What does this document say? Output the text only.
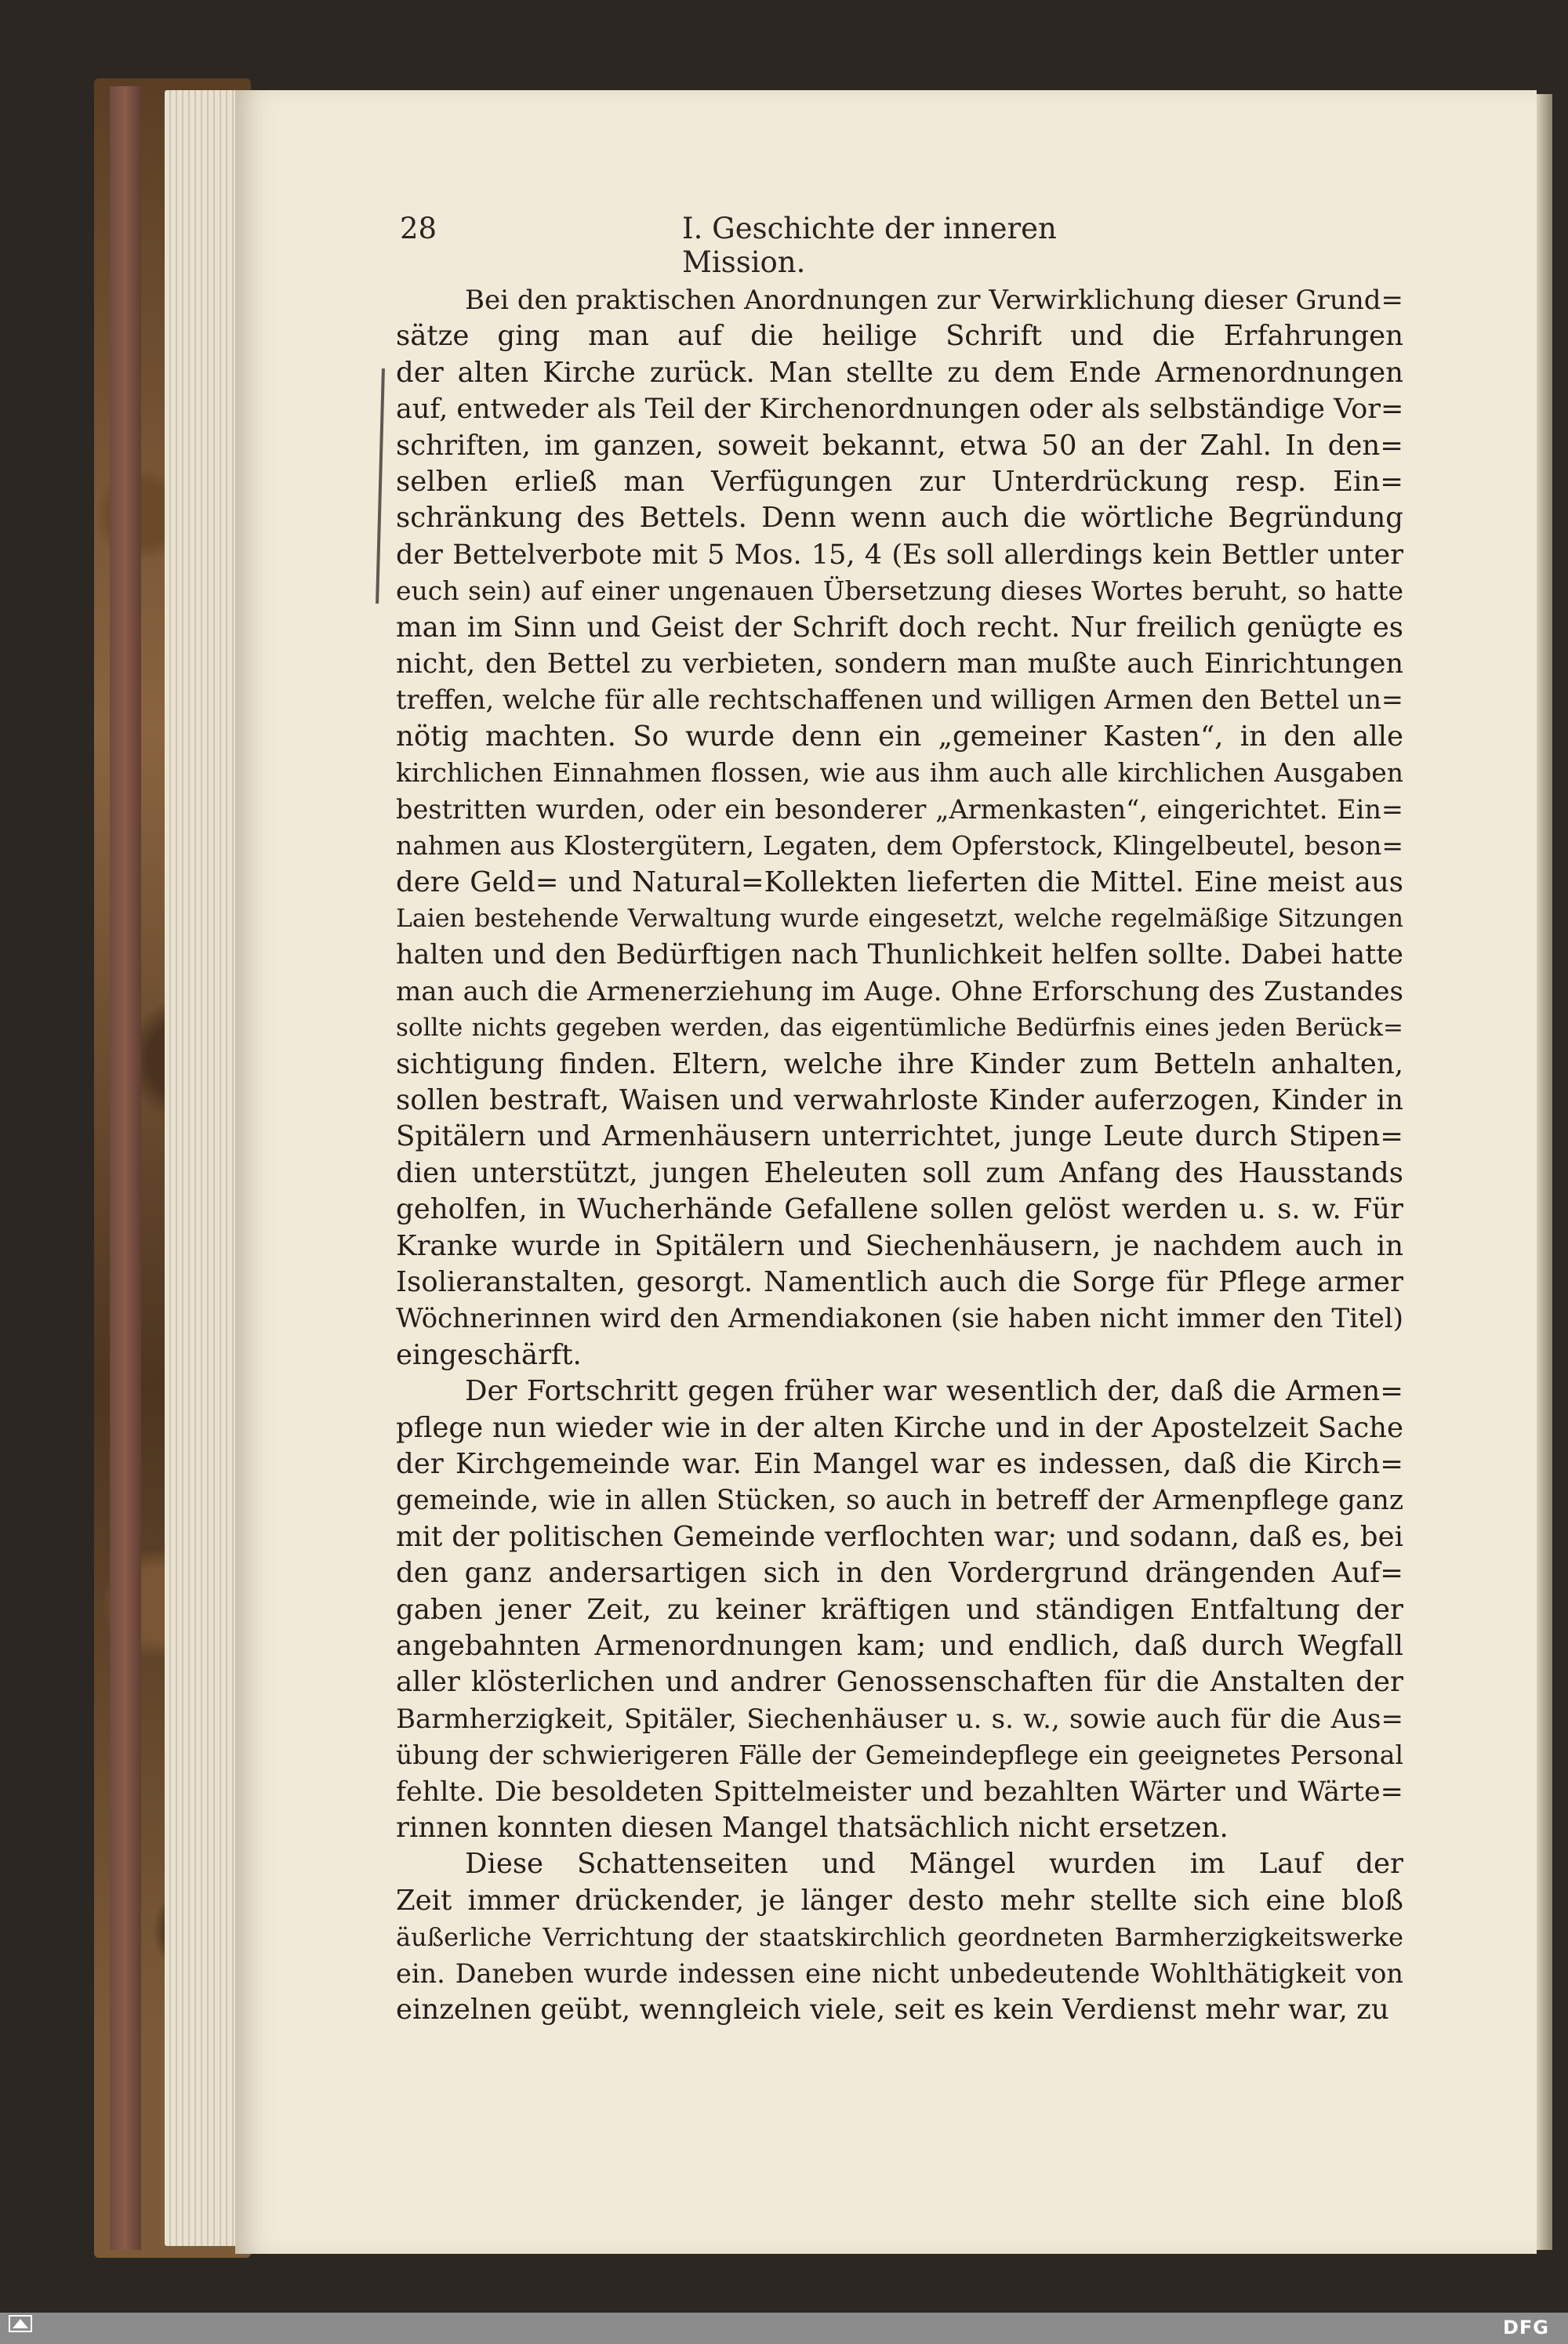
28	I. Geschichte der inneren Mission.
Bei den praktischen Anordnungen zur Verwirklichung dieser Grund=
sätze ging man auf die heilige Schrift und die Erfahrungen
der alten Kirche zurück. Man stellte zu dem Ende Armenordnungen
auf, entweder als Teil der Kirchenordnungen oder als selbständige Vor=
schriften, im ganzen, soweit bekannt, etwa 50 an der Zahl. In den=
selben erließ man Verfügungen zur Unterdrückung resp. Ein=
schränkung des Bettels. Denn wenn auch die wörtliche Begründung
der Bettelverbote mit 5 Mos. 15, 4 (Es soll allerdings kein Bettler unter
euch sein) auf einer ungenauen Übersetzung dieses Wortes beruht, so hatte
man im Sinn und Geist der Schrift doch recht. Nur freilich genügte es
nicht, den Bettel zu verbieten, sondern man mußte auch Einrichtungen
treffen, welche für alle rechtschaffenen und willigen Armen den Bettel un=
nötig machten. So wurde denn ein „gemeiner Kasten“, in den alle
kirchlichen Einnahmen flossen, wie aus ihm auch alle kirchlichen Ausgaben
bestritten wurden, oder ein besonderer „Armenkasten“, eingerichtet. Ein=
nahmen aus Klostergütern, Legaten, dem Opferstock, Klingelbeutel, beson=
dere Geld= und Natural=Kollekten lieferten die Mittel. Eine meist aus
Laien bestehende Verwaltung wurde eingesetzt, welche regelmäßige Sitzungen
halten und den Bedürftigen nach Thunlichkeit helfen sollte. Dabei hatte
man auch die Armenerziehung im Auge. Ohne Erforschung des Zustandes
sollte nichts gegeben werden, das eigentümliche Bedürfnis eines jeden Berück=
sichtigung finden. Eltern, welche ihre Kinder zum Betteln anhalten,
sollen bestraft, Waisen und verwahrloste Kinder auferzogen, Kinder in
Spitälern und Armenhäusern unterrichtet, junge Leute durch Stipen=
dien unterstützt, jungen Eheleuten soll zum Anfang des Hausstands
geholfen, in Wucherhände Gefallene sollen gelöst werden u. s. w. Für
Kranke wurde in Spitälern und Siechenhäusern, je nachdem auch in
Isolieranstalten, gesorgt. Namentlich auch die Sorge für Pflege armer
Wöchnerinnen wird den Armendiakonen (sie haben nicht immer den Titel)
eingeschärft.
Der Fortschritt gegen früher war wesentlich der, daß die Armen=
pflege nun wieder wie in der alten Kirche und in der Apostelzeit Sache
der Kirchgemeinde war. Ein Mangel war es indessen, daß die Kirch=
gemeinde, wie in allen Stücken, so auch in betreff der Armenpflege ganz
mit der politischen Gemeinde verflochten war; und sodann, daß es, bei
den ganz andersartigen sich in den Vordergrund drängenden Auf=
gaben jener Zeit, zu keiner kräftigen und ständigen Entfaltung der
angebahnten Armenordnungen kam; und endlich, daß durch Wegfall
aller klösterlichen und andrer Genossenschaften für die Anstalten der
Barmherzigkeit, Spitäler, Siechenhäuser u. s. w., sowie auch für die Aus=
übung der schwierigeren Fälle der Gemeindepflege ein geeignetes Personal
fehlte. Die besoldeten Spittelmeister und bezahlten Wärter und Wärte=
rinnen konnten diesen Mangel thatsächlich nicht ersetzen.
Diese Schattenseiten und Mängel wurden im Lauf der
Zeit immer drückender, je länger desto mehr stellte sich eine bloß
äußerliche Verrichtung der staatskirchlich geordneten Barmherzigkeitswerke
ein. Daneben wurde indessen eine nicht unbedeutende Wohlthätigkeit von
einzelnen geübt, wenngleich viele, seit es kein Verdienst mehr war, zu
DFG
